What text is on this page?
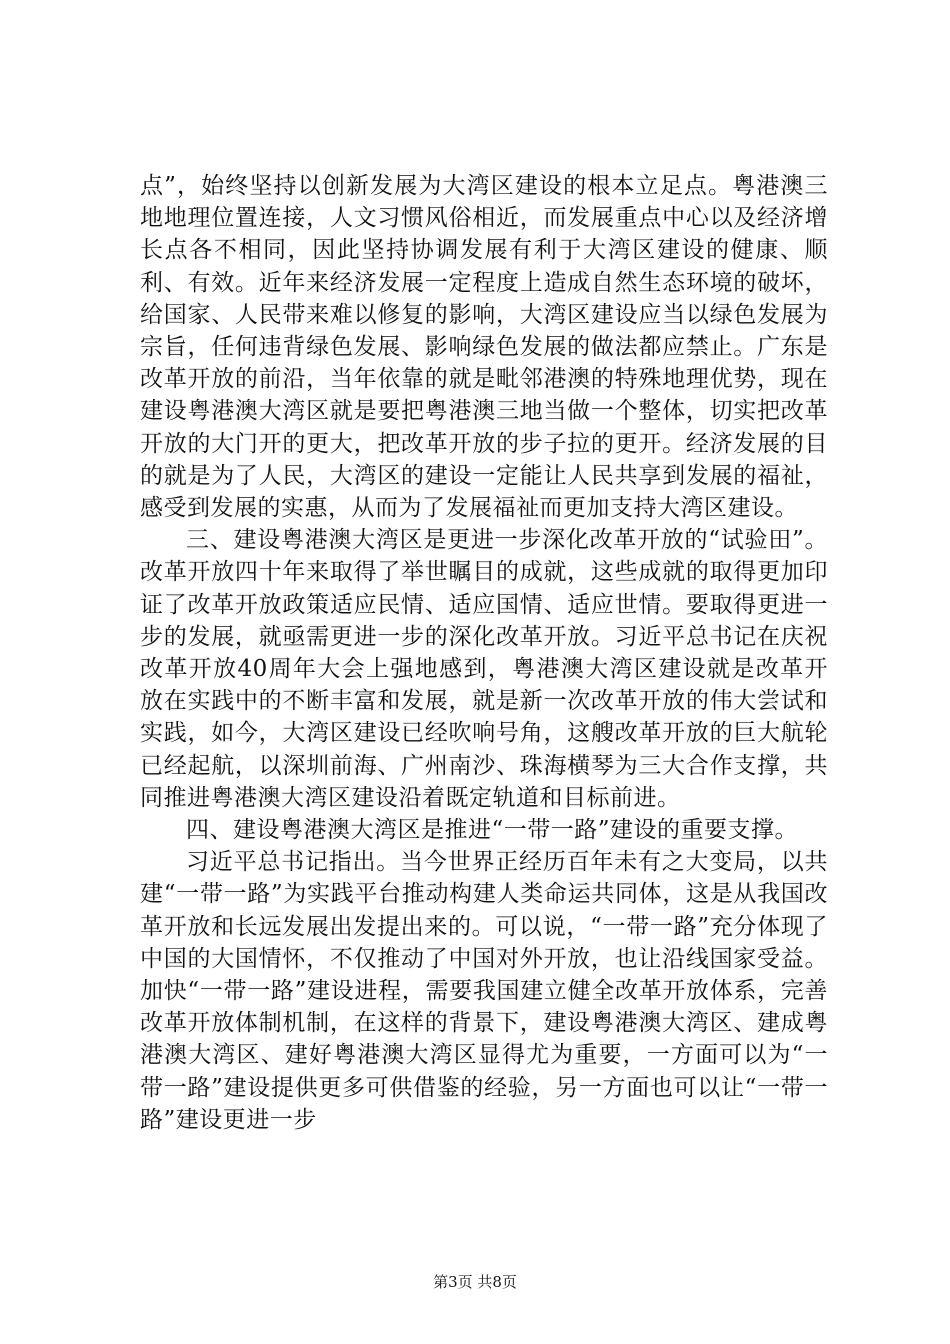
点”，始终坚持以创新发展为大湾区建设的根本立足点。粤港澳三地地理位置连接，人文习惯风俗相近，而发展重点中心以及经济增长点各不相同，因此坚持协调发展有利于大湾区建设的健康、顺利、有效。近年来经济发展一定程度上造成自然生态环境的破坏，给国家、人民带来难以修复的影响，大湾区建设应当以绿色发展为宗旨，任何违背绿色发展、影响绿色发展的做法都应禁止。广东是改革开放的前沿，当年依靠的就是毗邻港澳的特殊地理优势，现在建设粤港澳大湾区就是要把粤港澳三地当做一个整体，切实把改革开放的大门开的更大，把改革开放的步子拉的更开。经济发展的目的就是为了人民，大湾区的建设一定能让人民共享到发展的福祉，感受到发展的实惠，从而为了发展福祉而更加支持大湾区建设。

三、建设粤港澳大湾区是更进一步深化改革开放的“试验田”。改革开放四十年来取得了举世瞩目的成就，这些成就的取得更加印证了改革开放政策适应民情、适应国情、适应世情。要取得更进一步的发展，就亟需更进一步的深化改革开放。习近平总书记在庆祝改革开放40周年大会上强地感到，粤港澳大湾区建设就是改革开放在实践中的不断丰富和发展，就是新一次改革开放的伟大尝试和实践，如今，大湾区建设已经吹响号角，这艘改革开放的巨大航轮已经起航，以深圳前海、广州南沙、珠海横琴为三大合作支撑，共同推进粤港澳大湾区建设沿着既定轨道和目标前进。

四、建设粤港澳大湾区是推进“一带一路”建设的重要支撑。

习近平总书记指出。当今世界正经历百年未有之大变局，以共建“一带一路”为实践平台推动构建人类命运共同体，这是从我国改革开放和长远发展出发提出来的。可以说，“一带一路”充分体现了中国的大国情怀，不仅推动了中国对外开放，也让沿线国家受益。加快“一带一路”建设进程，需要我国建立健全改革开放体系，完善改革开放体制机制，在这样的背景下，建设粤港澳大湾区、建成粤港澳大湾区、建好粤港澳大湾区显得尤为重要，一方面可以为“一带一路”建设提供更多可供借鉴的经验，另一方面也可以让“一带一路”建设更进一步

第3页 共8页
